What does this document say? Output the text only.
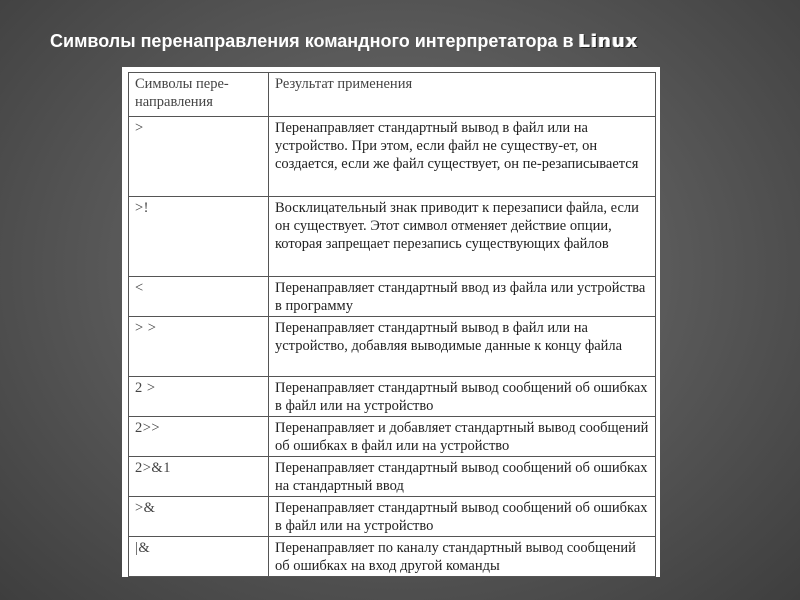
Символы перенаправления командного интерпретатора в Linux
Символы пере-
направления	Результат применения
>	Перенаправляет стандартный вывод в файл или на устройство. При этом, если файл не существу-ет, он создается, если же файл существует, он пе-резаписывается
>!	Восклицательный знак приводит к перезаписи файла, если он существует. Этот символ отменяет действие опции, которая запрещает перезапись существующих файлов
<	Перенаправляет стандартный ввод из файла или устройства в программу
> >	Перенаправляет стандартный вывод в файл или на устройство, добавляя выводимые данные к концу файла
2 >	Перенаправляет стандартный вывод сообщений об ошибках в файл или на устройство
2>>	Перенаправляет и добавляет стандартный вывод сообщений об ошибках в файл или на устройство
2>&1	Перенаправляет стандартный вывод сообщений об ошибках на стандартный ввод
>&	Перенаправляет стандартный вывод сообщений об ошибках в файл или на устройство
|&	Перенаправляет по каналу стандартный вывод сообщений об ошибках на вход другой команды
